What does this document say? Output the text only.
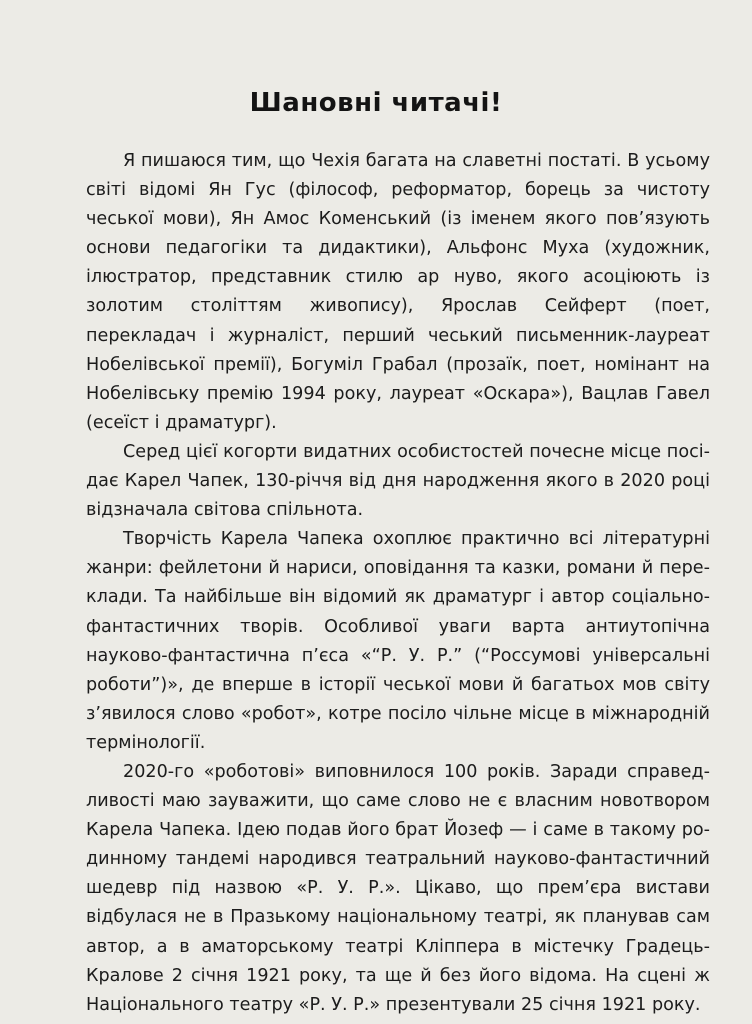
Шановні читачі!

Я пишаюся тим, що Чехія багата на славетні постаті. В усьому світі відомі Ян Гус (філософ, реформатор, борець за чистоту чеської мови), Ян Амос Коменський (із іменем якого пов’язують основи педагогіки та дидактики), Альфонс Муха (художник, ілюстратор, представник стилю ар нуво, якого асоціюють із золотим століттям живопису), Ярослав Сейферт (поет, перекладач і журналіст, перший чеський письменник-лауреат Нобелівської премії), Богуміл Грабал (прозаїк, поет, номінант на Нобелівську премію 1994 року, лауреат «Оскара»), Вацлав Гавел (есеїст і драматург).

Серед цієї когорти видатних особистостей почесне місце посідає Карел Чапек, 130-річчя від дня народження якого в 2020 році відзначала світова спільнота.

Творчість Карела Чапека охоплює практично всі літературні жанри: фейлетони й нариси, оповідання та казки, романи й переклади. Та найбільше він відомий як драматург і автор соціально-фантастичних творів. Особливої уваги варта антиутопічна науково-фантастична п’єса «“Р. У. Р.” (“Россумові універсальні роботи”)», де вперше в історії чеської мови й багатьох мов світу з’явилося слово «робот», котре посіло чільне місце в міжнародній термінології.

2020-го «роботові» виповнилося 100 років. Заради справедливості маю зауважити, що саме слово не є власним новотвором Карела Чапека. Ідею подав його брат Йозеф — і саме в такому родинному тандемі народився театральний науково-фантастичний шедевр під назвою «Р. У. Р.». Цікаво, що прем’єра вистави відбулася не в Празькому національному театрі, як планував сам автор, а в аматорському театрі Кліппера в містечку Градець-Кралове 2 січня 1921 року, та ще й без його відома. На сцені ж Національного театру «Р. У. Р.» презентували 25 січня 1921 року.
